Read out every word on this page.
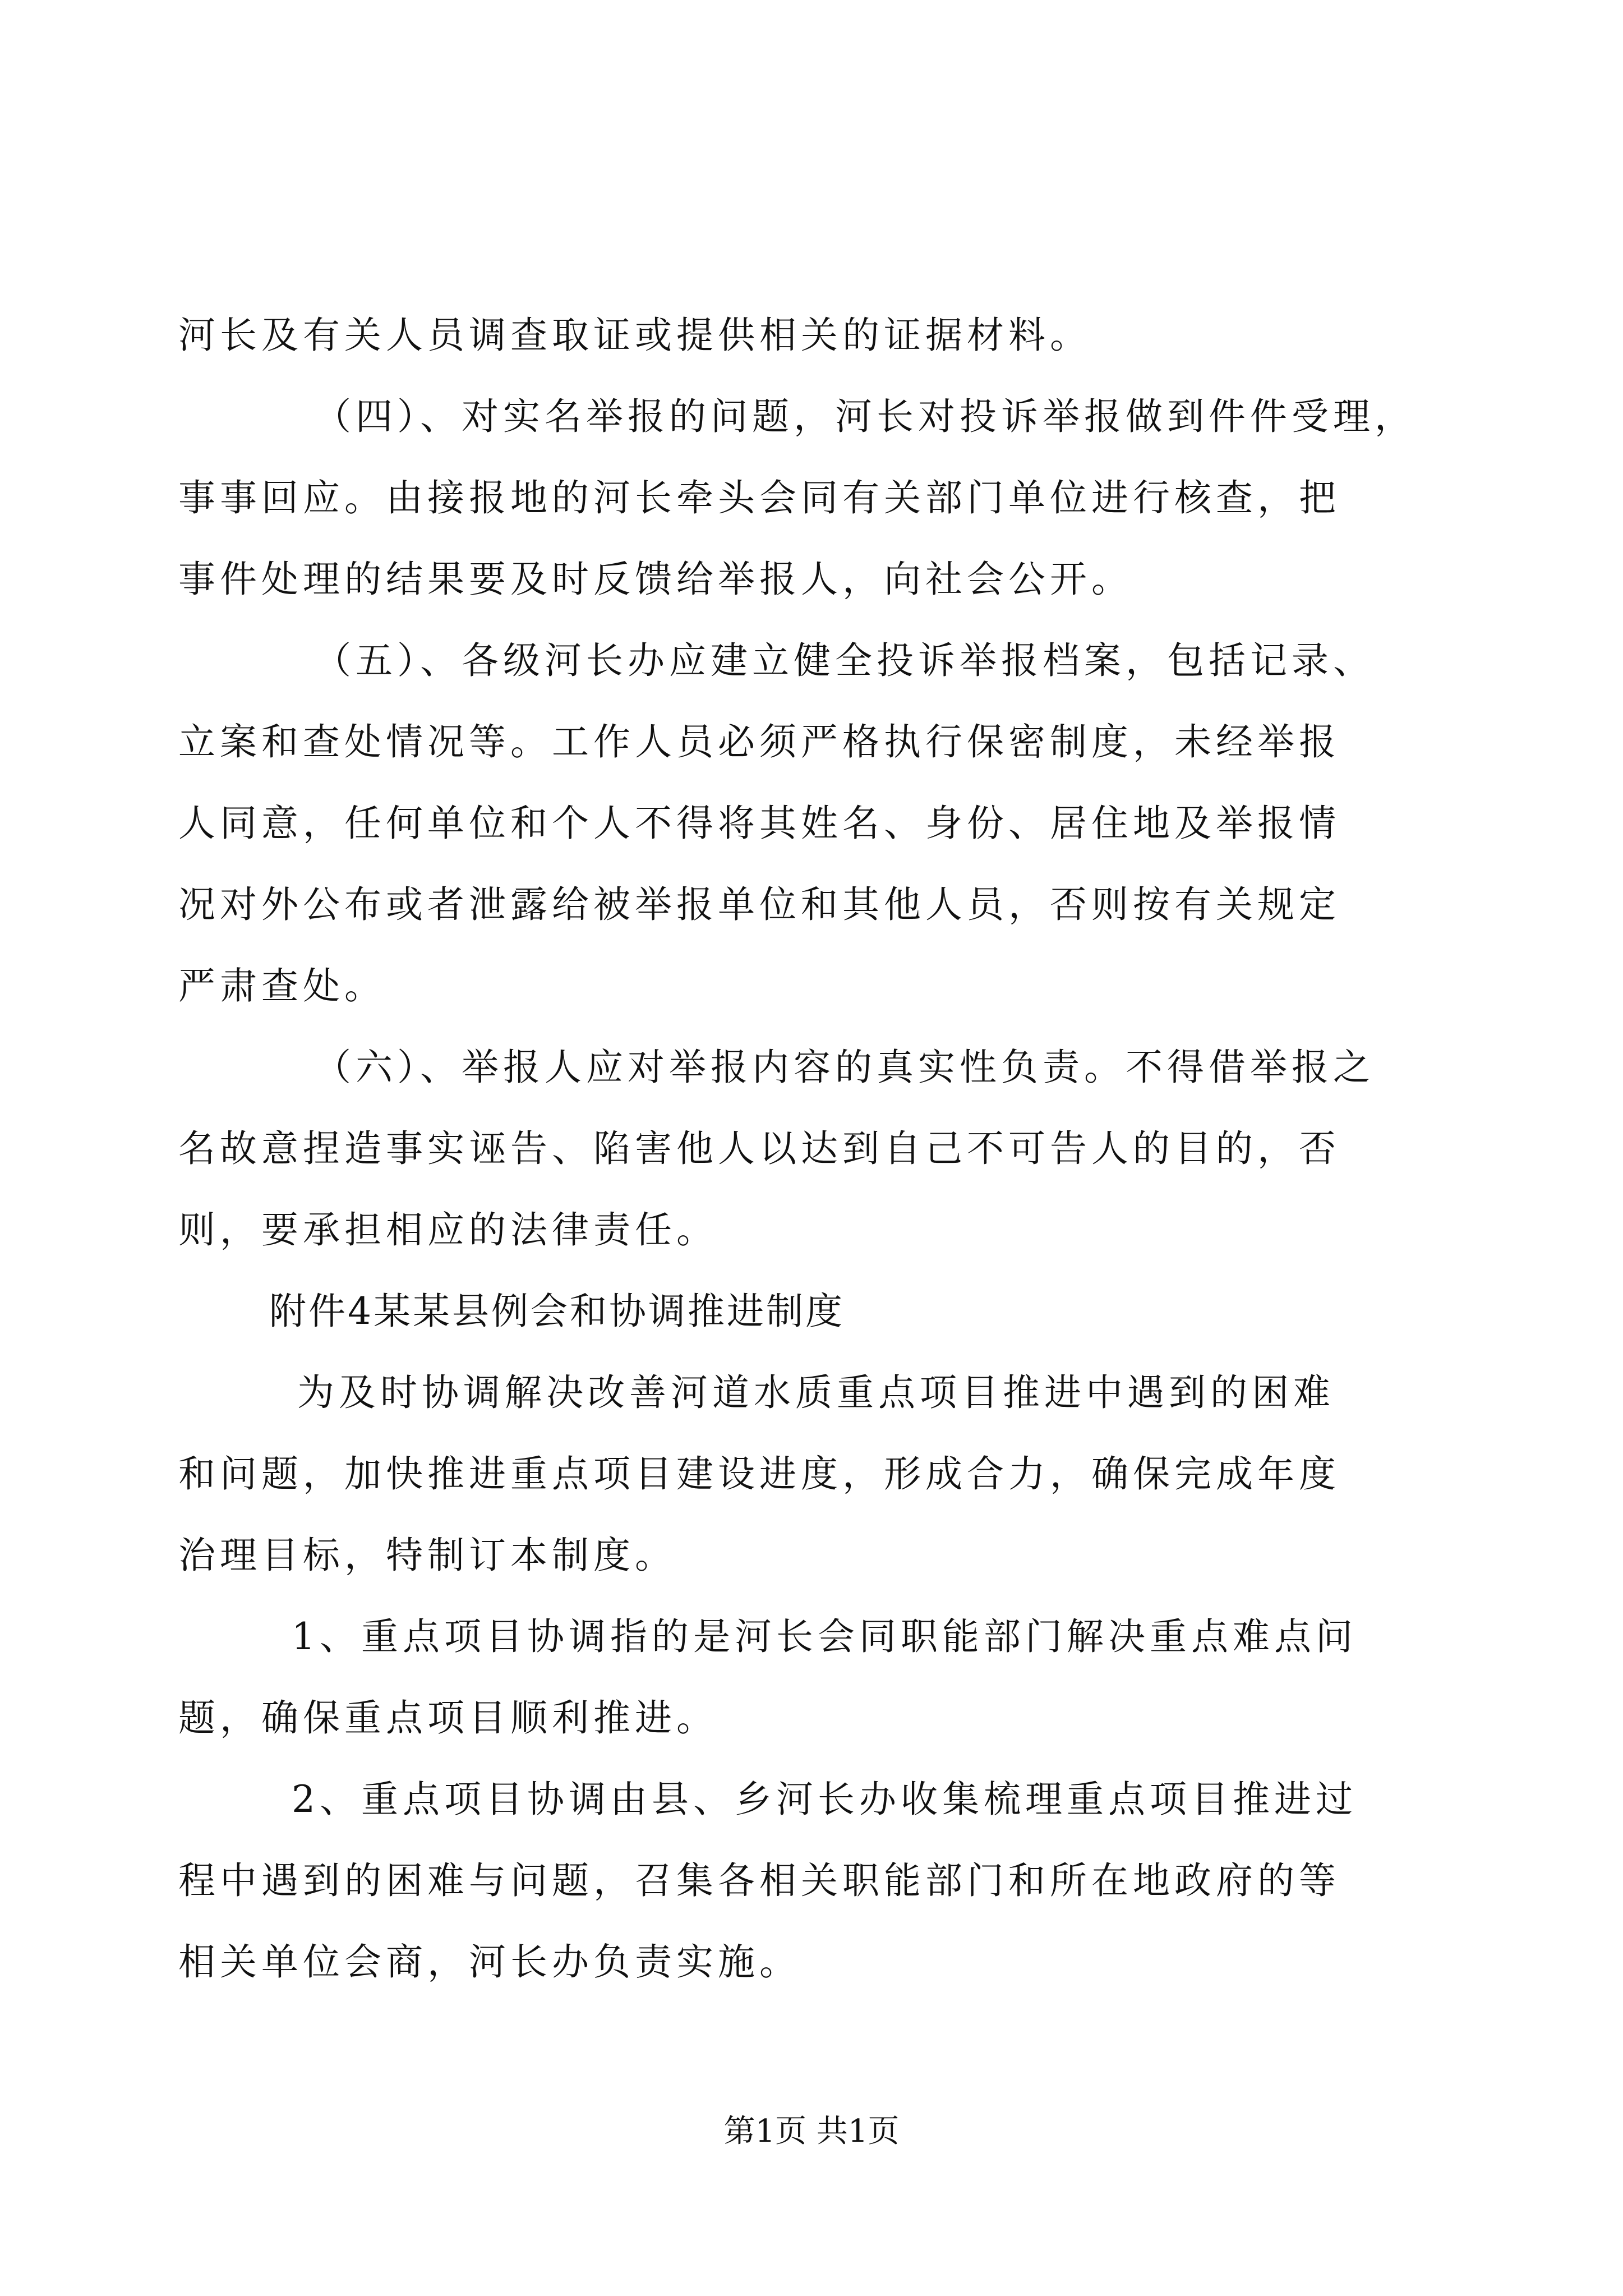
河长及有关人员调查取证或提供相关的证据材料。

（四）、对实名举报的问题，河长对投诉举报做到件件受理，

事事回应。由接报地的河长牵头会同有关部门单位进行核查，把

事件处理的结果要及时反馈给举报人，向社会公开。

（五）、各级河长办应建立健全投诉举报档案，包括记录、

立案和查处情况等。工作人员必须严格执行保密制度，未经举报

人同意，任何单位和个人不得将其姓名、身份、居住地及举报情

况对外公布或者泄露给被举报单位和其他人员，否则按有关规定

严肃查处。

（六）、举报人应对举报内容的真实性负责。不得借举报之

名故意捏造事实诬告、陷害他人以达到自己不可告人的目的，否

则，要承担相应的法律责任。

附件4某某县例会和协调推进制度

为及时协调解决改善河道水质重点项目推进中遇到的困难

和问题，加快推进重点项目建设进度，形成合力，确保完成年度

治理目标，特制订本制度。

1、重点项目协调指的是河长会同职能部门解决重点难点问

题，确保重点项目顺利推进。

2、重点项目协调由县、乡河长办收集梳理重点项目推进过

程中遇到的困难与问题，召集各相关职能部门和所在地政府的等

相关单位会商，河长办负责实施。

第1页 共1页
